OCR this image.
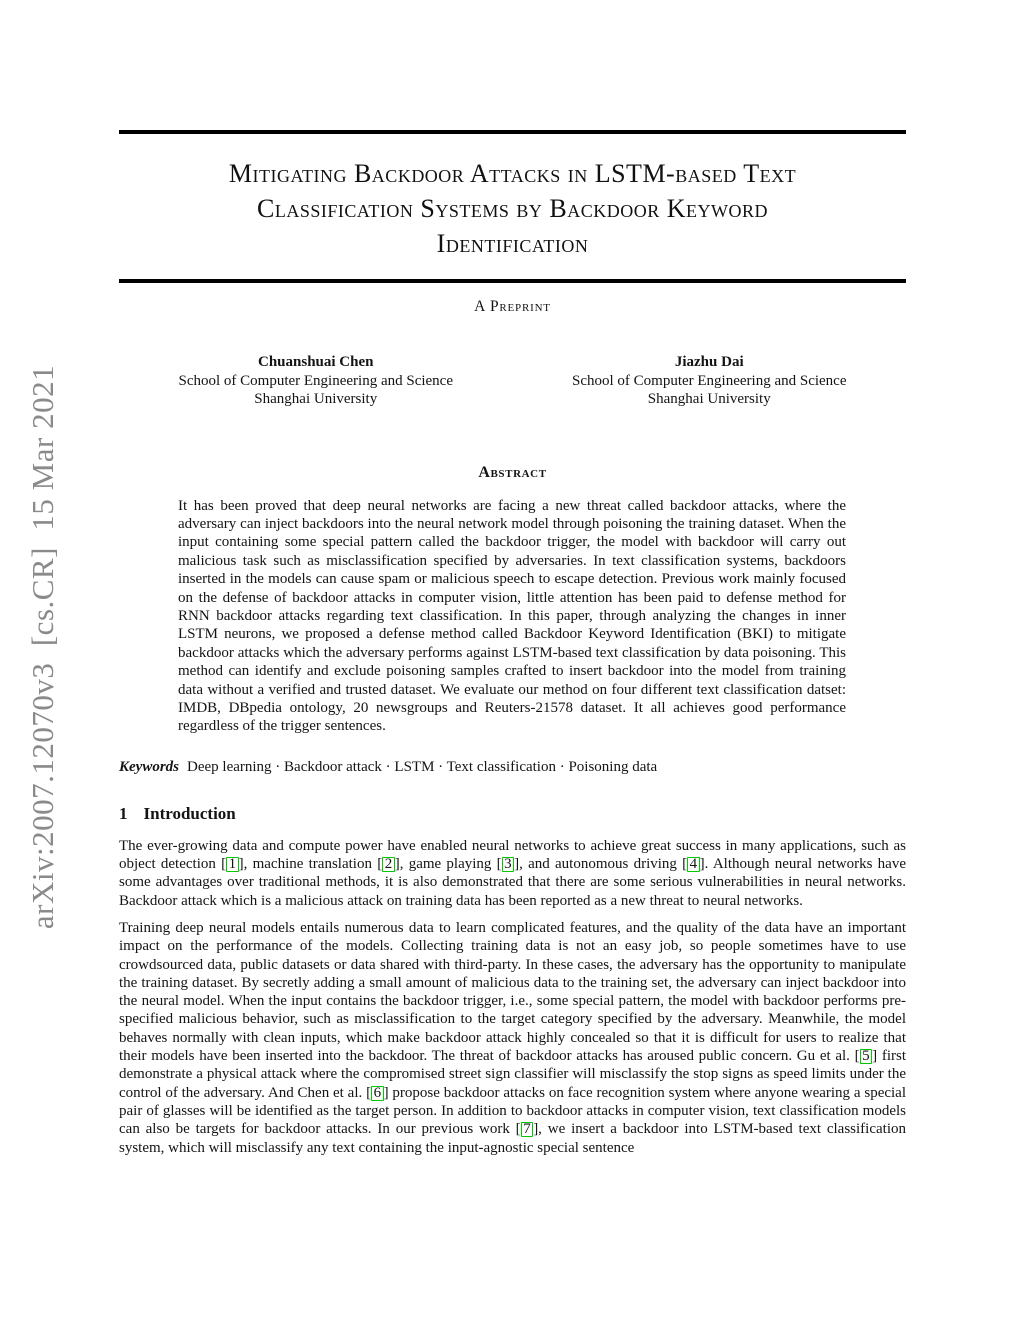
arXiv:2007.12070v3  [cs.CR]  15 Mar 2021
Mitigating Backdoor Attacks in LSTM-based Text
Classification Systems by Backdoor Keyword
Identification
A Preprint
Chuanshuai Chen
School of Computer Engineering and Science
Shanghai University
Jiazhu Dai
School of Computer Engineering and Science
Shanghai University
Abstract

It has been proved that deep neural networks are facing a new threat called backdoor attacks, where the adversary can inject backdoors into the neural network model through poisoning the training dataset. When the input containing some special pattern called the backdoor trigger, the model with backdoor will carry out malicious task such as misclassification specified by adversaries. In text classification systems, backdoors inserted in the models can cause spam or malicious speech to escape detection. Previous work mainly focused on the defense of backdoor attacks in computer vision, little attention has been paid to defense method for RNN backdoor attacks regarding text classification. In this paper, through analyzing the changes in inner LSTM neurons, we proposed a defense method called Backdoor Keyword Identification (BKI) to mitigate backdoor attacks which the adversary performs against LSTM-based text classification by data poisoning. This method can identify and exclude poisoning samples crafted to insert backdoor into the model from training data without a verified and trusted dataset. We evaluate our method on four different text classification datset: IMDB, DBpedia ontology, 20 newsgroups and Reuters-21578 dataset. It all achieves good performance regardless of the trigger sentences.

Keywords Deep learning · Backdoor attack · LSTM · Text classification · Poisoning data

1 Introduction

The ever-growing data and compute power have enabled neural networks to achieve great success in many applications, such as object detection [ 1 ], machine translation [ 2 ], game playing [ 3 ], and autonomous driving [ 4 ]. Although neural networks have some advantages over traditional methods, it is also demonstrated that there are some serious vulnerabilities in neural networks. Backdoor attack which is a malicious attack on training data has been reported as a new threat to neural networks.

Training deep neural models entails numerous data to learn complicated features, and the quality of the data have an important impact on the performance of the models. Collecting training data is not an easy job, so people sometimes have to use crowdsourced data, public datasets or data shared with third-party. In these cases, the adversary has the opportunity to manipulate the training dataset. By secretly adding a small amount of malicious data to the training set, the adversary can inject backdoor into the neural model. When the input contains the backdoor trigger, i.e., some special pattern, the model with backdoor performs pre-specified malicious behavior, such as misclassification to the target category specified by the adversary. Meanwhile, the model behaves normally with clean inputs, which make backdoor attack highly concealed so that it is difficult for users to realize that their models have been inserted into the backdoor. The threat of backdoor attacks has aroused public concern. Gu et al. [ 5 ] first demonstrate a physical attack where the compromised street sign classifier will misclassify the stop signs as speed limits under the control of the adversary. And Chen et al. [ 6 ] propose backdoor attacks on face recognition system where anyone wearing a special pair of glasses will be identified as the target person. In addition to backdoor attacks in computer vision, text classification models can also be targets for backdoor attacks. In our previous work [ 7 ], we insert a backdoor into LSTM-based text classification system, which will misclassify any text containing the input-agnostic special sentence
